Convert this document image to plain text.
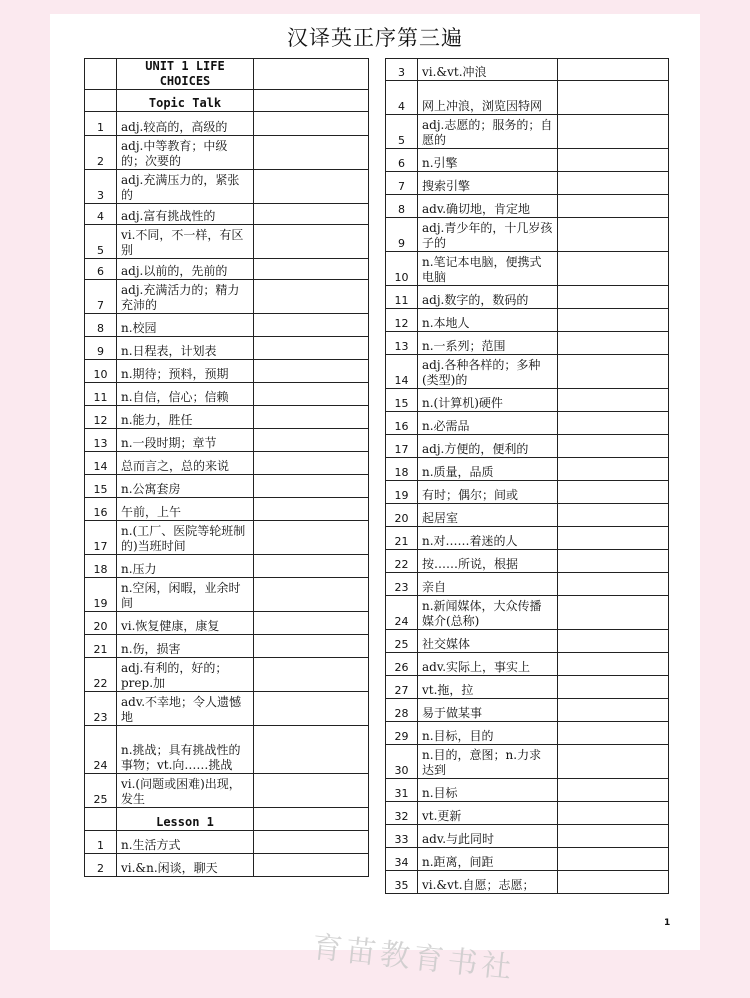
汉译英正序第三遍
	UNIT 1 LIFE CHOICES	
	Topic Talk	
1	adj.较高的，高级的	
2	adj.中等教育；中级的；次要的	
3	adj.充满压力的，紧张的	
4	adj.富有挑战性的	
5	vi.不同，不一样，有区别	
6	adj.以前的，先前的	
7	adj.充满活力的；精力充沛的	
8	n.校园	
9	n.日程表，计划表	
10	n.期待；预料，预期	
11	n.自信，信心；信赖	
12	n.能力，胜任	
13	n.一段时期；章节	
14	总而言之，总的来说	
15	n.公寓套房	
16	午前，上午	
17	n.(工厂、医院等轮班制的)当班时间	
18	n.压力	
19	n.空闲，闲暇，业余时间	
20	vi.恢复健康，康复	
21	n.伤，损害	
22	adj.有利的，好的；prep.加	
23	adv.不幸地；令人遗憾地	
24	n.挑战；具有挑战性的事物；vt.向……挑战	
25	vi.(问题或困难)出现，发生	
	Lesson 1	
1	n.生活方式	
2	vi.&n.闲谈，聊天	
3	vi.&vt.冲浪	
4	网上冲浪，浏览因特网	
5	adj.志愿的；服务的；自愿的	
6	n.引擎	
7	搜索引擎	
8	adv.确切地，肯定地	
9	adj.青少年的，十几岁孩子的	
10	n.笔记本电脑，便携式电脑	
11	adj.数字的，数码的	
12	n.本地人	
13	n.一系列；范围	
14	adj.各种各样的；多种(类型)的	
15	n.(计算机)硬件	
16	n.必需品	
17	adj.方便的，便利的	
18	n.质量，品质	
19	有时；偶尔；间或	
20	起居室	
21	n.对……着迷的人	
22	按……所说，根据	
23	亲自	
24	n.新闻媒体，大众传播媒介(总称)	
25	社交媒体	
26	adv.实际上，事实上	
27	vt.拖，拉	
28	易于做某事	
29	n.目标，目的	
30	n.目的，意图；n.力求达到	
31	n.目标	
32	vt.更新	
33	adv.与此同时	
34	n.距离，间距	
35	vi.&vt.自愿；志愿；	
1
育苗教育书社
